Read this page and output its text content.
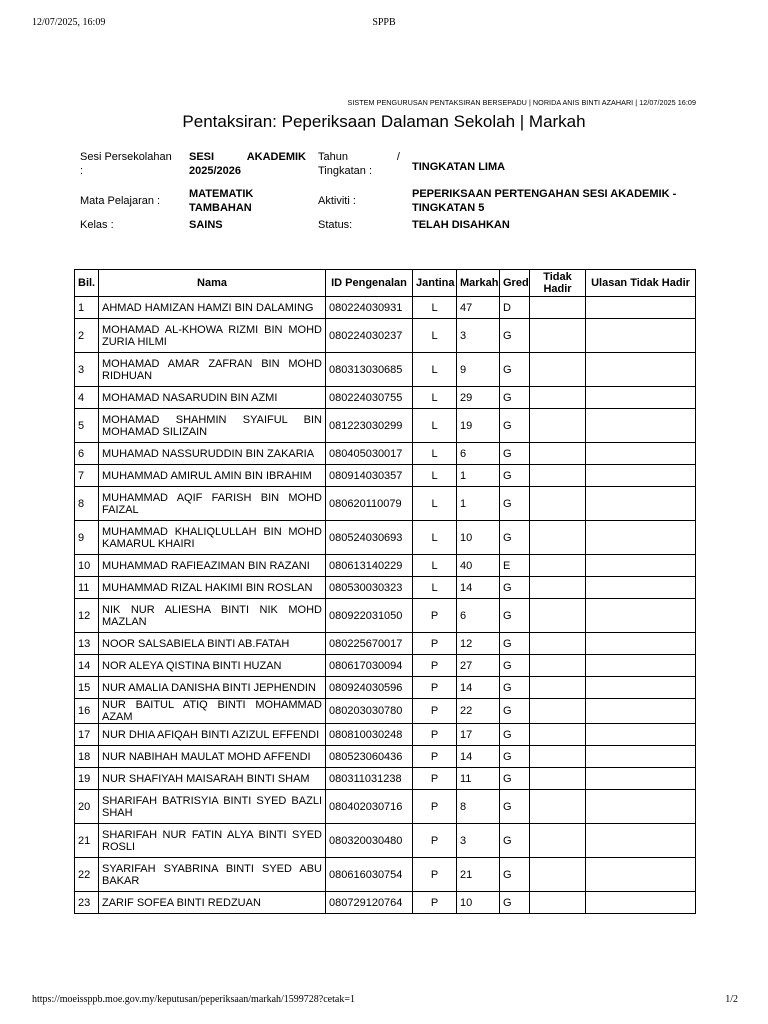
12/07/2025, 16:09	SPPB
SISTEM PENGURUSAN PENTAKSIRAN BERSEPADU | NORIDA ANIS BINTI AZAHARI | 12/07/2025 16:09
Pentaksiran: Peperiksaan Dalaman Sekolah | Markah
Sesi Persekolahan :	SESI AKADEMIK 2025/2026	Tahun / Tingkatan :	TINGKATAN LIMA
Mata Pelajaran :	MATEMATIK TAMBAHAN	Aktiviti :	PEPERIKSAAN PERTENGAHAN SESI AKADEMIK - TINGKATAN 5
Kelas :	SAINS	Status:	TELAH DISAHKAN
Bil.	Nama	ID Pengenalan	Jantina	Markah	Gred	Tidak Hadir	Ulasan Tidak Hadir
1	AHMAD HAMIZAN HAMZI BIN DALAMING	080224030931	L	47	D		
2	MOHAMAD AL-KHOWA RIZMI BIN MOHD ZURIA HILMI	080224030237	L	3	G		
3	MOHAMAD AMAR ZAFRAN BIN MOHD RIDHUAN	080313030685	L	9	G		
4	MOHAMAD NASARUDIN BIN AZMI	080224030755	L	29	G		
5	MOHAMAD SHAHMIN SYAIFUL BIN MOHAMAD SILIZAIN	081223030299	L	19	G		
6	MUHAMAD NASSURUDDIN BIN ZAKARIA	080405030017	L	6	G		
7	MUHAMMAD AMIRUL AMIN BIN IBRAHIM	080914030357	L	1	G		
8	MUHAMMAD AQIF FARISH BIN MOHD FAIZAL	080620110079	L	1	G		
9	MUHAMMAD KHALIQLULLAH BIN MOHD KAMARUL KHAIRI	080524030693	L	10	G		
10	MUHAMMAD RAFIEAZIMAN BIN RAZANI	080613140229	L	40	E		
11	MUHAMMAD RIZAL HAKIMI BIN ROSLAN	080530030323	L	14	G		
12	NIK NUR ALIESHA BINTI NIK MOHD MAZLAN	080922031050	P	6	G		
13	NOOR SALSABIELA BINTI AB.FATAH	080225670017	P	12	G		
14	NOR ALEYA QISTINA BINTI HUZAN	080617030094	P	27	G		
15	NUR AMALIA DANISHA BINTI JEPHENDIN	080924030596	P	14	G		
16	NUR BAITUL ATIQ BINTI MOHAMMAD AZAM	080203030780	P	22	G		
17	NUR DHIA AFIQAH BINTI AZIZUL EFFENDI	080810030248	P	17	G		
18	NUR NABIHAH MAULAT MOHD AFFENDI	080523060436	P	14	G		
19	NUR SHAFIYAH MAISARAH BINTI SHAM	080311031238	P	11	G		
20	SHARIFAH BATRISYIA BINTI SYED BAZLI SHAH	080402030716	P	8	G		
21	SHARIFAH NUR FATIN ALYA BINTI SYED ROSLI	080320030480	P	3	G		
22	SYARIFAH SYABRINA BINTI SYED ABU BAKAR	080616030754	P	21	G		
23	ZARIF SOFEA BINTI REDZUAN	080729120764	P	10	G		
https://moeissppb.moe.gov.my/keputusan/peperiksaan/markah/1599728?cetak=1	1/2
